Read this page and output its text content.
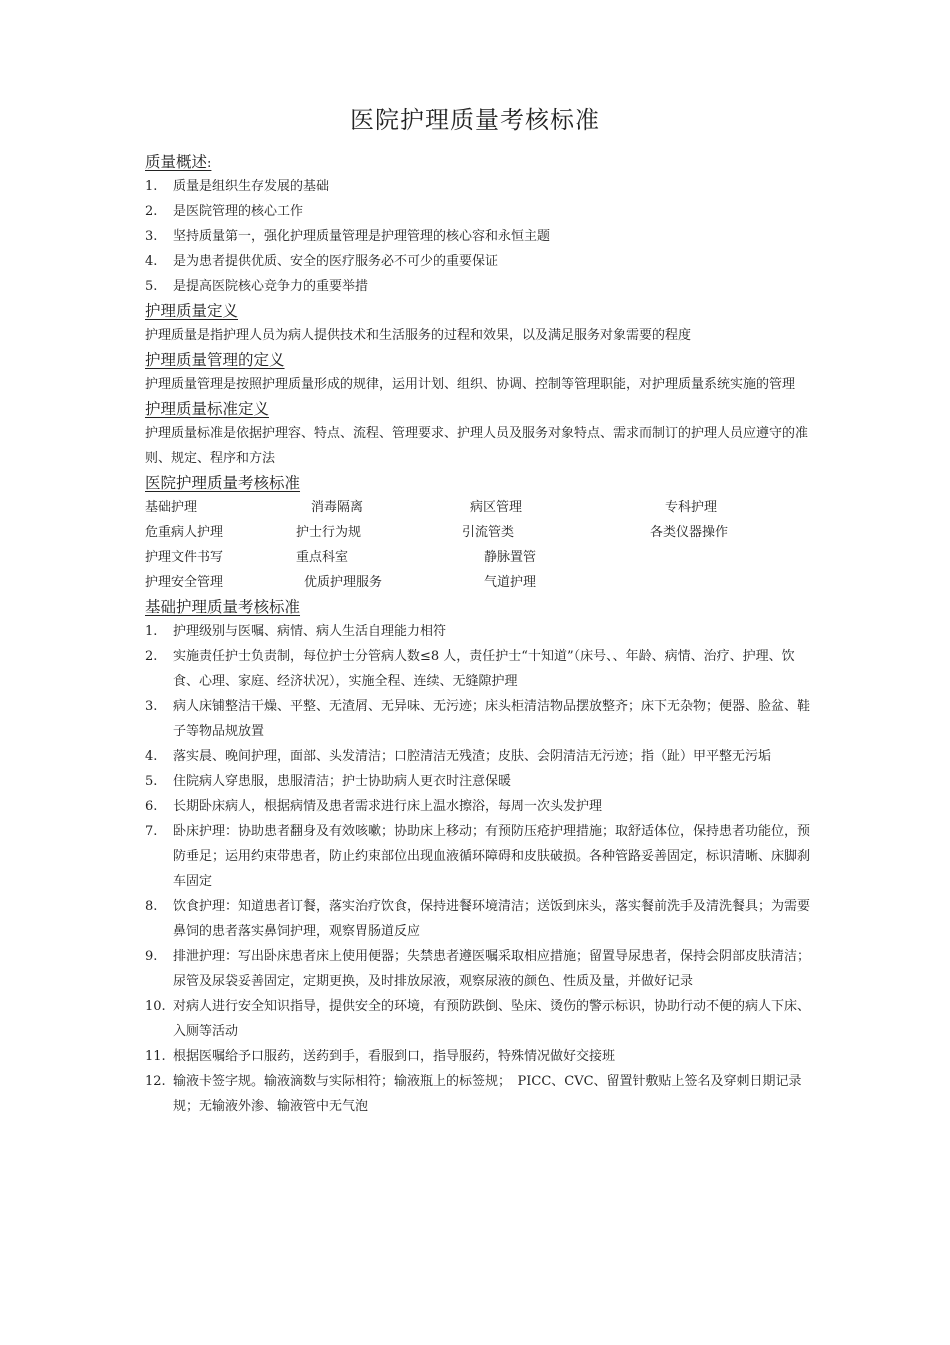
医院护理质量考核标准
质量概述:
1.	质量是组织生存发展的基础
2.	是医院管理的核心工作
3.	坚持质量第一，强化护理质量管理是护理管理的核心容和永恒主题
4.	是为患者提供优质、安全的医疗服务必不可少的重要保证
5.	是提高医院核心竞争力的重要举措
护理质量定义

护理质量是指护理人员为病人提供技术和生活服务的过程和效果，以及满足服务对象需要的程度

护理质量管理的定义

护理质量管理是按照护理质量形成的规律，运用计划、组织、协调、控制等管理职能，对护理质量系统实施的管理

护理质量标准定义

护理质量标准是依据护理容、特点、流程、管理要求、护理人员及服务对象特点、需求而制订的护理人员应遵守的准则、规定、程序和方法

医院护理质量考核标准
基础护理	消毒隔离	病区管理	专科护理
危重病人护理	护士行为规	引流管类	各类仪器操作
护理文件书写	重点科室	静脉置管
护理安全管理	优质护理服务	气道护理
基础护理质量考核标准
1.	护理级别与医嘱、病情、病人生活自理能力相符
2.	实施责任护士负责制，每位护士分管病人数≤8 人，责任护士“十知道”（床号、、年龄、病情、治疗、护理、饮食、心理、家庭、经济状况），实施全程、连续、无缝隙护理
3.	病人床铺整洁干燥、平整、无渣屑、无异味、无污迹；床头柜清洁物品摆放整齐；床下无杂物；便器、脸盆、鞋子等物品规放置
4.	落实晨、晚间护理，面部、头发清洁；口腔清洁无残渣；皮肤、会阴清洁无污迹；指（趾）甲平整无污垢
5.	住院病人穿患服，患服清洁；护士协助病人更衣时注意保暖
6.	长期卧床病人，根据病情及患者需求进行床上温水擦浴，每周一次头发护理
7.	卧床护理：协助患者翻身及有效咳嗽；协助床上移动；有预防压疮护理措施；取舒适体位，保持患者功能位，预防垂足；运用约束带患者，防止约束部位出现血液循环障碍和皮肤破损。各种管路妥善固定，标识清晰、床脚刹车固定
8.	饮食护理：知道患者订餐，落实治疗饮食，保持进餐环境清洁；送饭到床头，落实餐前洗手及清洗餐具；为需要鼻饲的患者落实鼻饲护理，观察胃肠道反应
9.	排泄护理：写出卧床患者床上使用便器；失禁患者遵医嘱采取相应措施；留置导尿患者，保持会阴部皮肤清洁；尿管及尿袋妥善固定，定期更换，及时排放尿液，观察尿液的颜色、性质及量，并做好记录
10. 对病人进行安全知识指导，提供安全的环境，有预防跌倒、坠床、烫伤的警示标识，协助行动不便的病人下床、入厕等活动
11. 根据医嘱给予口服药，送药到手，看服到口，指导服药，特殊情况做好交接班
12. 输液卡签字规。输液滴数与实际相符；输液瓶上的标签规；　PICC、CVC、留置针敷贴上签名及穿刺日期记录规；无输液外渗、输液管中无气泡
